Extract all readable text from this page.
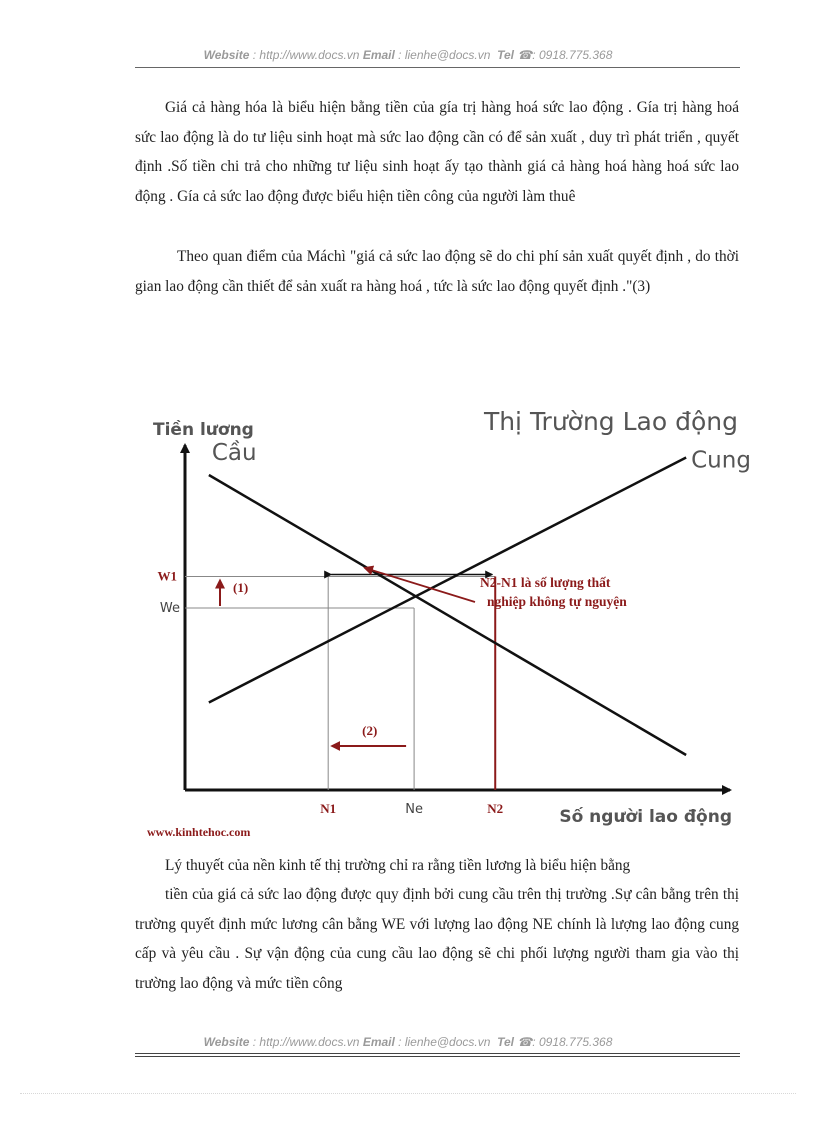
Website : http://www.docs.vn Email : lienhe@docs.vn Tel ☎: 0918.775.368

Giá cả hàng hóa là biểu hiện bằng tiền của gía trị hàng hoá sức lao động . Gía trị hàng hoá sức lao động là do tư liệu sinh hoạt mà sức lao động cần có để sản xuất , duy trì phát triển , quyết định .Số tiền chi trả cho những tư liệu sinh hoạt ấy tạo thành giá cả hàng hoá hàng hoá sức lao động . Gía cả sức lao động được biểu hiện tiền công của người làm thuê

Theo quan điểm của Máchì "giá cả sức lao động sẽ do chi phí sản xuất quyết định , do thời gian lao động cần thiết để sản xuất ra hàng hoá , tức là sức lao động quyết định ."(3)

Thị Trường Lao động
Tiền lương
Số người lao động
Cầu	Cung
(1)
(2)
N2-N1 là số lượng thất
nghiệp không tự nguyện
W1
We
N1	Ne	N2
www.kinhtehoc.com

Lý thuyết của nền kinh tế thị trường chỉ ra rằng tiền lương là biểu hiện bằng

tiền của giá cả sức lao động được quy định bởi cung cầu trên thị trường .Sự cân bằng trên thị trường quyết định mức lương cân bằng WE với lượng lao động NE chính là lượng lao động cung cấp và yêu cầu . Sự vận động của cung cầu lao động sẽ chi phối lượng người tham gia vào thị trường lao động và mức tiền công

Website : http://www.docs.vn Email : lienhe@docs.vn Tel ☎: 0918.775.368
